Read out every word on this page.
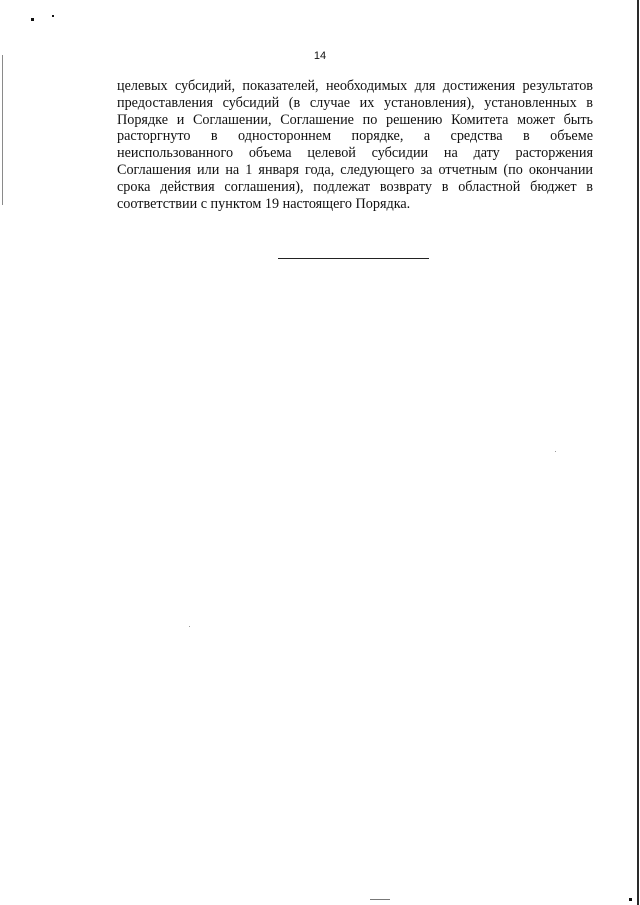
14

целевых субсидий, показателей, необходимых для достижения результатов предоставления субсидий (в случае их установления), установленных в Порядке и Соглашении, Соглашение по решению Комитета может быть расторгнуто в одностороннем порядке, а средства в объеме неиспользованного объема целевой субсидии на дату расторжения Соглашения или на 1 января года, следующего за отчетным (по окончании срока действия соглашения), подлежат возврату в областной бюджет в соответствии с пунктом 19 настоящего Порядка.
